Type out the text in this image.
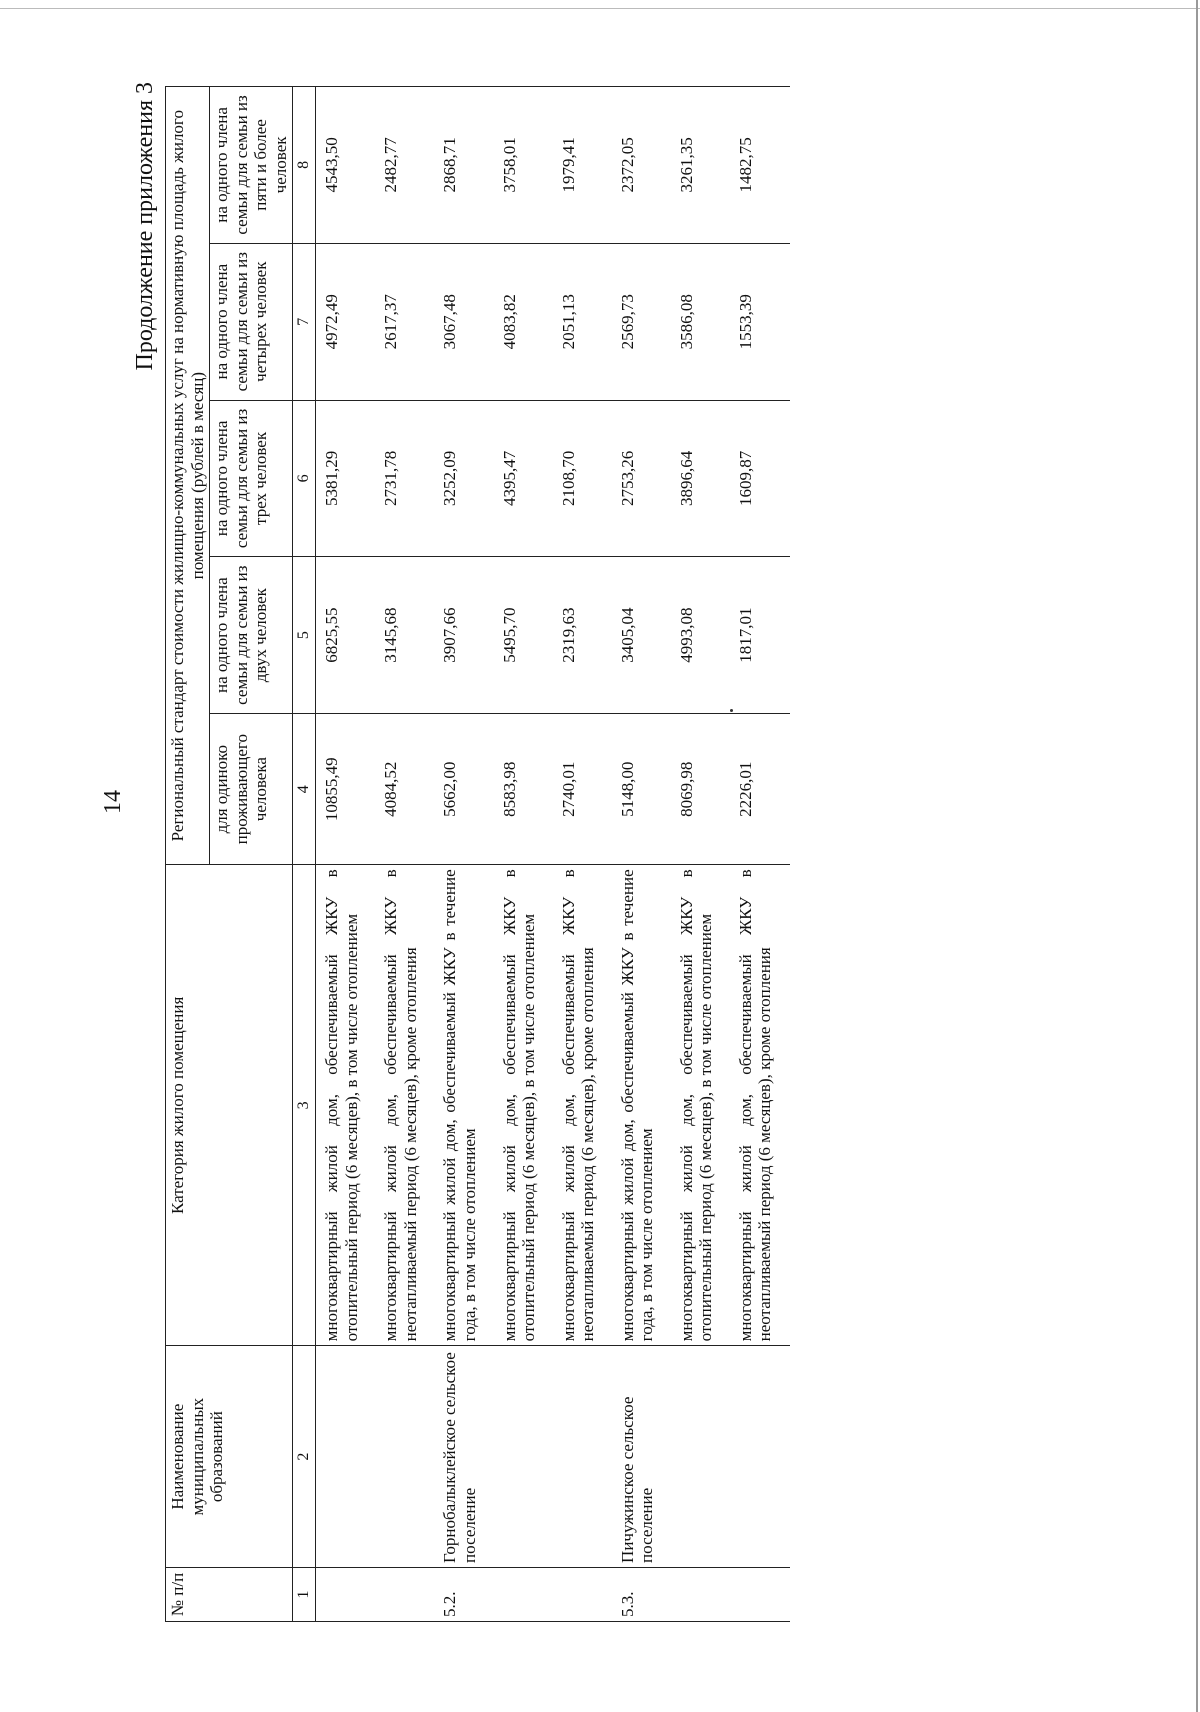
14
Продолжение приложения 3
№ п/п	Наименование муниципальных образований	Категория жилого помещения	Региональный стандарт стоимости жилищно-коммунальных услуг на нормативную площадь жилого помещения (рублей в месяц)				
			для одиноко проживающего человека	на одного члена семьи для семьи из двух человек	на одного члена семьи для семьи из трех человек	на одного члена семьи для семьи из четырех человек	на одного члена семьи для семьи из пяти и более человек
1	2	3	4	5	6	7	8
		многоквартирный жилой дом, обеспечиваемый ЖКУ в отопительный период (6 месяцев), в том числе отоплением	10855,49	6825,55	5381,29	4972,49	4543,50
		многоквартирный жилой дом, обеспечиваемый ЖКУ в неотапливаемый период (6 месяцев), кроме отопления	4084,52	3145,68	2731,78	2617,37	2482,77
5.2.	Горнобалыклейское сельское поселение	многоквартирный жилой дом, обеспечиваемый ЖКУ в течение года, в том числе отоплением	5662,00	3907,66	3252,09	3067,48	2868,71
		многоквартирный жилой дом, обеспечиваемый ЖКУ в отопительный период (6 месяцев), в том числе отоплением	8583,98	5495,70	4395,47	4083,82	3758,01
		многоквартирный жилой дом, обеспечиваемый ЖКУ в неотапливаемый период (6 месяцев), кроме отопления	2740,01	2319,63	2108,70	2051,13	1979,41
5.3.	Пичужинское сельское поселение	многоквартирный жилой дом, обеспечиваемый ЖКУ в течение года, в том числе отоплением	5148,00	3405,04	2753,26	2569,73	2372,05
		многоквартирный жилой дом, обеспечиваемый ЖКУ в отопительный период (6 месяцев), в том числе отоплением	8069,98	4993,08	3896,64	3586,08	3261,35
		многоквартирный жилой дом, обеспечиваемый ЖКУ в неотапливаемый период (6 месяцев), кроме отопления	2226,01	1817,01	1609,87	1553,39	1482,75
